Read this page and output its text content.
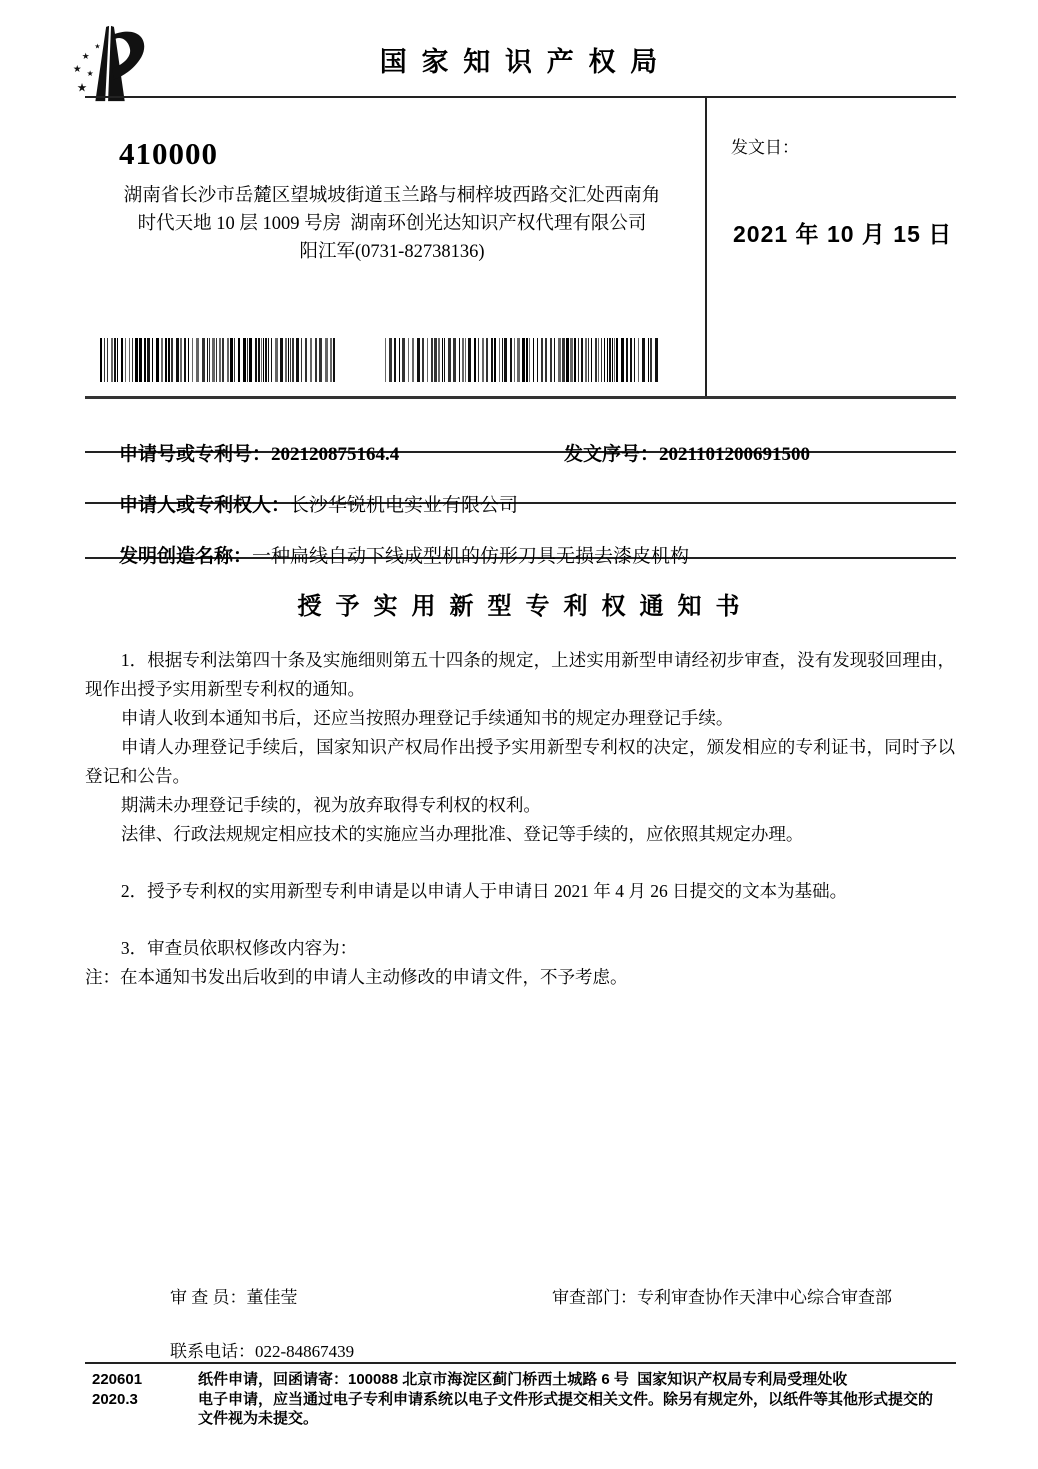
★
★
★ ★
★
国 家 知 识 产 权 局
410000
湖南省长沙市岳麓区望城坡街道玉兰路与桐梓坡西路交汇处西南角
时代天地 10 层 1009 号房  湖南环创光达知识产权代理有限公司
阳江军(0731-82738136)
发文日：
2021 年 10 月 15 日

申请号或专利号：202120875164.4
	发文序号：2021101200691500

申请人或专利权人：长沙华锐机电实业有限公司

发明创造名称：一种扁线自动下线成型机的仿形刀具无损去漆皮机构

授 予 实 用 新 型 专 利 权 通 知 书

1．根据专利法第四十条及实施细则第五十四条的规定，上述实用新型申请经初步审查，没有发现驳回理由，现作出授予实用新型专利权的通知。

申请人收到本通知书后，还应当按照办理登记手续通知书的规定办理登记手续。

申请人办理登记手续后，国家知识产权局作出授予实用新型专利权的决定，颁发相应的专利证书，同时予以登记和公告。

期满未办理登记手续的，视为放弃取得专利权的权利。

法律、行政法规规定相应技术的实施应当办理批准、登记等手续的，应依照其规定办理。

2．授予专利权的实用新型专利申请是以申请人于申请日 2021 年 4 月 26 日提交的文本为基础。

3．审查员依职权修改内容为：

注：在本通知书发出后收到的申请人主动修改的申请文件，不予考虑。

审 查 员：董佳莹
	审查部门：专利审查协作天津中心综合审查部

联系电话：022-84867439

220601
2020.3
纸件申请，回函请寄：100088 北京市海淀区蓟门桥西土城路 6 号  国家知识产权局专利局受理处收
电子申请，应当通过电子专利申请系统以电子文件形式提交相关文件。除另有规定外，以纸件等其他形式提交的文件视为未提交。
